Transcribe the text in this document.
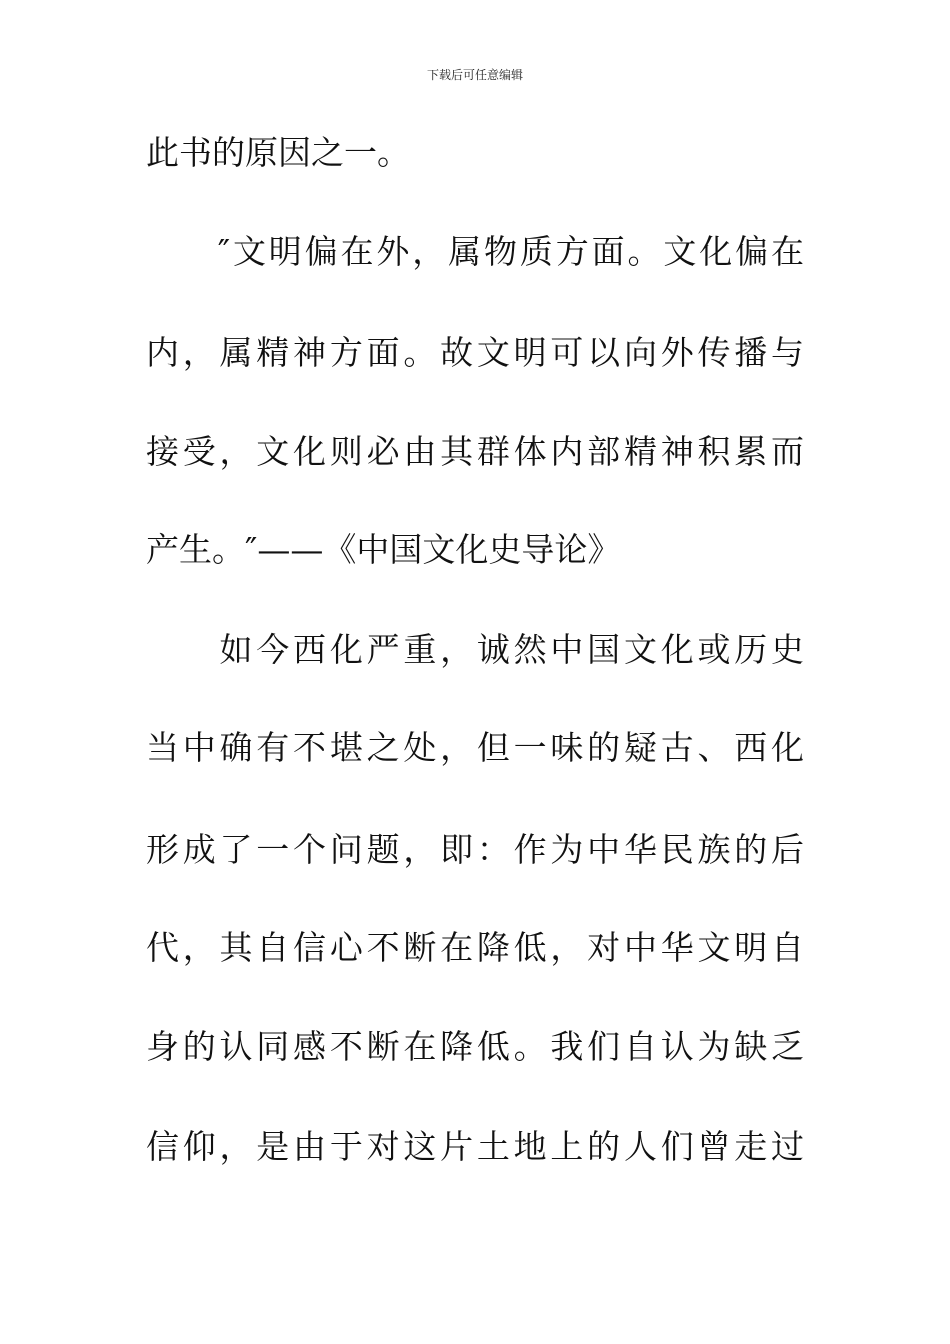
下载后可任意编辑
此书的原因之一。
　　″文明偏在外，属物质方面。文化偏在
内，属精神方面。故文明可以向外传播与
接受，文化则必由其群体内部精神积累而
产生。″——《中国文化史导论》
　　如今西化严重，诚然中国文化或历史
当中确有不堪之处，但一味的疑古、西化
形成了一个问题，即：作为中华民族的后
代，其自信心不断在降低，对中华文明自
身的认同感不断在降低。我们自认为缺乏
信仰，是由于对这片土地上的人们曾走过
